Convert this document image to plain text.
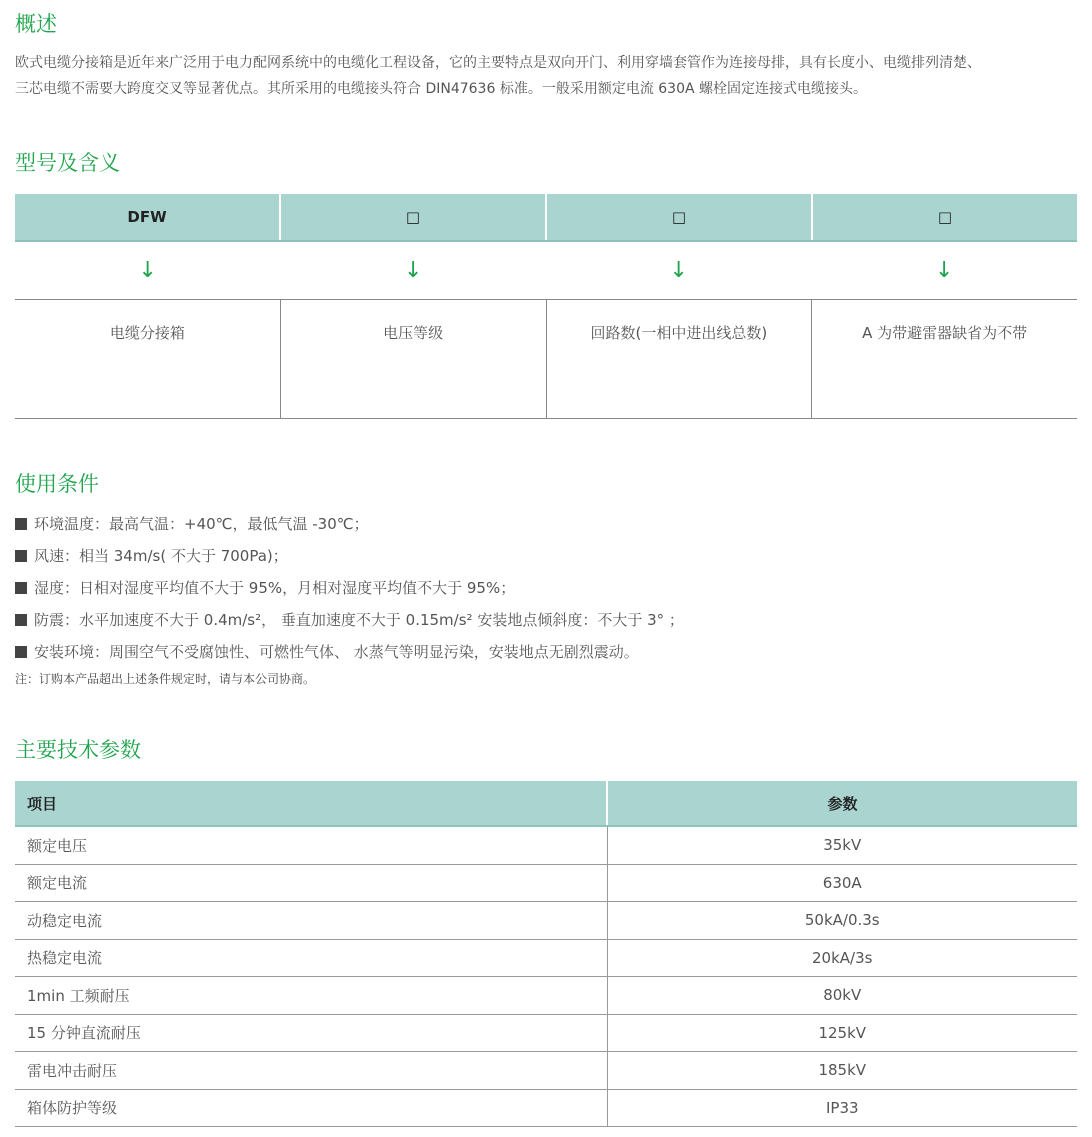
概述

欧式电缆分接箱是近年来广泛用于电力配网系统中的电缆化工程设备，它的主要特点是双向开门、利用穿墙套管作为连接母排，具有长度小、电缆排列清楚、
三芯电缆不需要大跨度交叉等显著优点。其所采用的电缆接头符合 DIN47636 标准。一般采用额定电流 630A 螺栓固定连接式电缆接头。

型号及含义
DFW	□	□	□
↓	↓	↓	↓
电缆分接箱	电压等级	回路数(一相中进出线总数)	A 为带避雷器缺省为不带
使用条件
环境温度：最高气温：+40℃，最低气温 -30℃；
风速：相当 34m/s( 不大于 700Pa)；
湿度：日相对湿度平均值不大于 95%，月相对湿度平均值不大于 95%；
防震：水平加速度不大于 0.4m/s²， 垂直加速度不大于 0.15m/s² 安装地点倾斜度：不大于 3° ；
安装环境：周围空气不受腐蚀性、可燃性气体、 水蒸气等明显污染，安装地点无剧烈震动。
注：订购本产品超出上述条件规定时，请与本公司协商。
主要技术参数
项目	参数
额定电压	35kV
额定电流	630A
动稳定电流	50kA/0.3s
热稳定电流	20kA/3s
1min 工频耐压	80kV
15 分钟直流耐压	125kV
雷电冲击耐压	185kV
箱体防护等级	IP33
